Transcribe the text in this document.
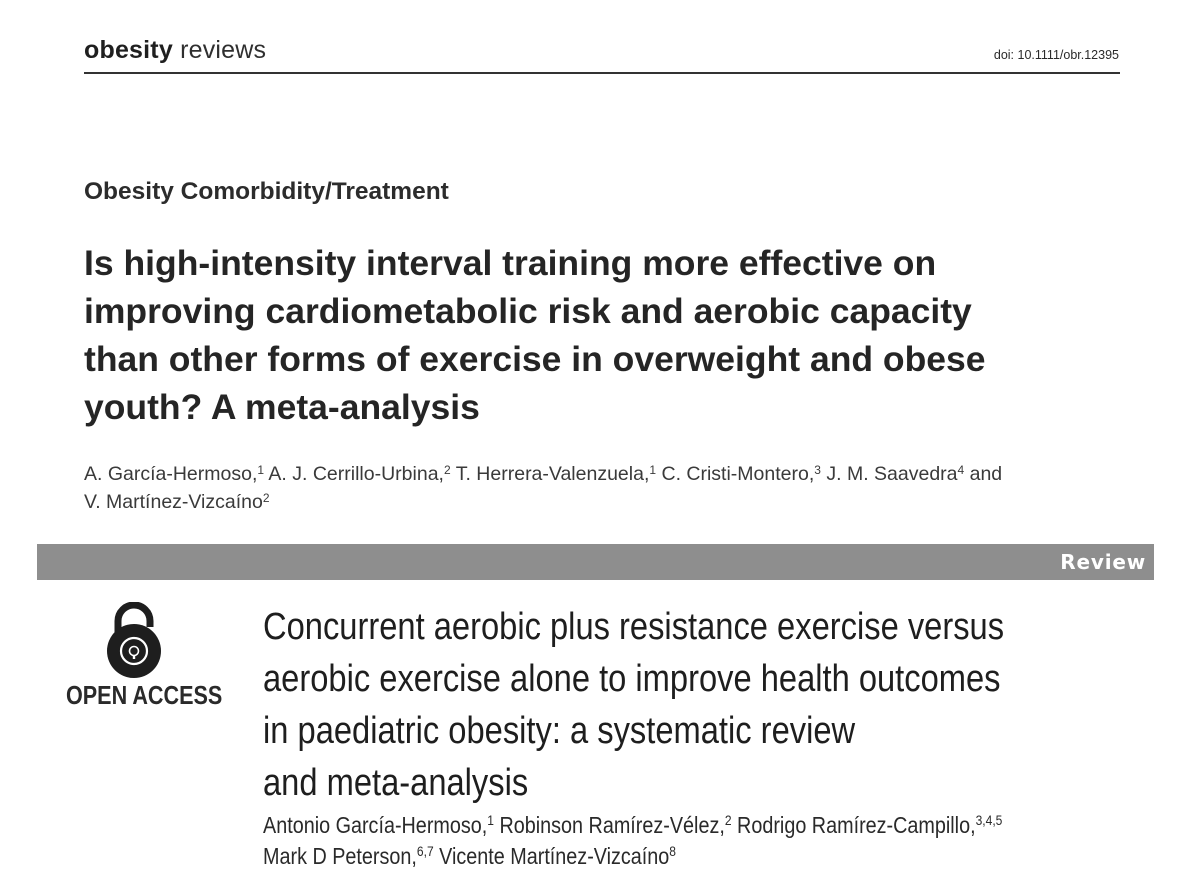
obesity reviews	doi: 10.1111/obr.12395
Obesity Comorbidity/Treatment
Is high-intensity interval training more effective on
improving cardiometabolic risk and aerobic capacity
than other forms of exercise in overweight and obese
youth? A meta-analysis
A. García-Hermoso,$^1$ A. J. Cerrillo-Urbina,$^2$ T. Herrera-Valenzuela,$^1$ C. Cristi-Montero,$^3$ J. M. Saavedra$^4$ and
V. Martínez-Vizcaíno$^2$
Review
OPEN ACCESS
Concurrent aerobic plus resistance exercise versus
aerobic exercise alone to improve health outcomes
in paediatric obesity: a systematic review
and meta-analysis
Antonio García-Hermoso,$^1$ Robinson Ramírez-Vélez,$^2$ Rodrigo Ramírez-Campillo,$^{3,4,5}$
Mark D Peterson,$^{6,7}$ Vicente Martínez-Vizcaíno$^8$
